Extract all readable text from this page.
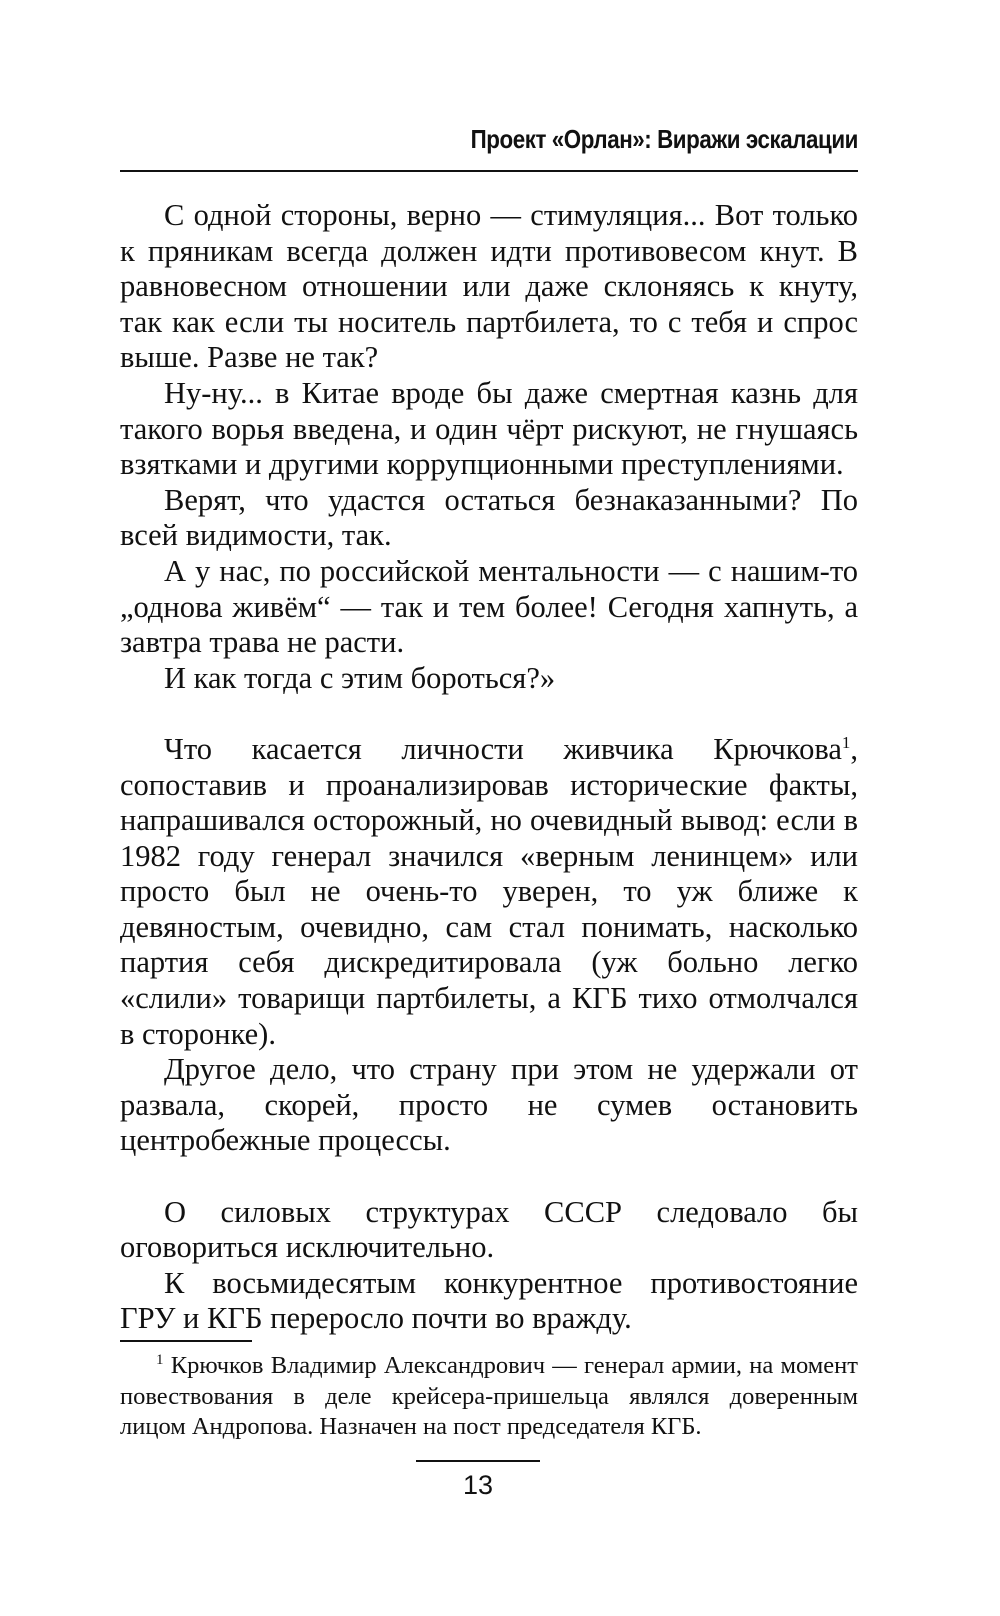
Проект «Орлан»: Виражи эскалации

С одной стороны, верно — стимуляция... Вот только к пряникам всегда должен идти противовесом кнут. В равновесном отношении или даже склоняясь к кнуту, так как если ты носитель партбилета, то с тебя и спрос выше. Разве не так?

Ну-ну... в Китае вроде бы даже смертная казнь для такого ворья введена, и один чёрт рискуют, не гнушаясь взятками и другими коррупционными преступлениями.

Верят, что удастся остаться безнаказанными? По всей видимости, так.

А у нас, по российской ментальности — с нашим-то „однова живём“ — так и тем более! Сегодня хапнуть, а завтра трава не расти.

И как тогда с этим бороться?»

Что касается личности живчика Крючкова$^1$, сопоставив и проанализировав исторические факты, напрашивался осторожный, но очевидный вывод: если в 1982 году генерал значился «верным ленинцем» или просто был не очень-то уверен, то уж ближе к девяностым, очевидно, сам стал понимать, насколько партия себя дискредитировала (уж больно легко «слили» товарищи партбилеты, а КГБ тихо отмолчался в сторонке).

Другое дело, что страну при этом не удержали от развала, скорей, просто не сумев остановить центробежные процессы.

О силовых структурах СССР следовало бы оговориться исключительно.

К восьмидесятым конкурентное противостояние ГРУ и КГБ переросло почти во вражду.

$^1$ Крючков Владимир Александрович — генерал армии, на момент повествования в деле крейсера-пришельца являлся доверенным лицом Андропова. Назначен на пост председателя КГБ.

13
